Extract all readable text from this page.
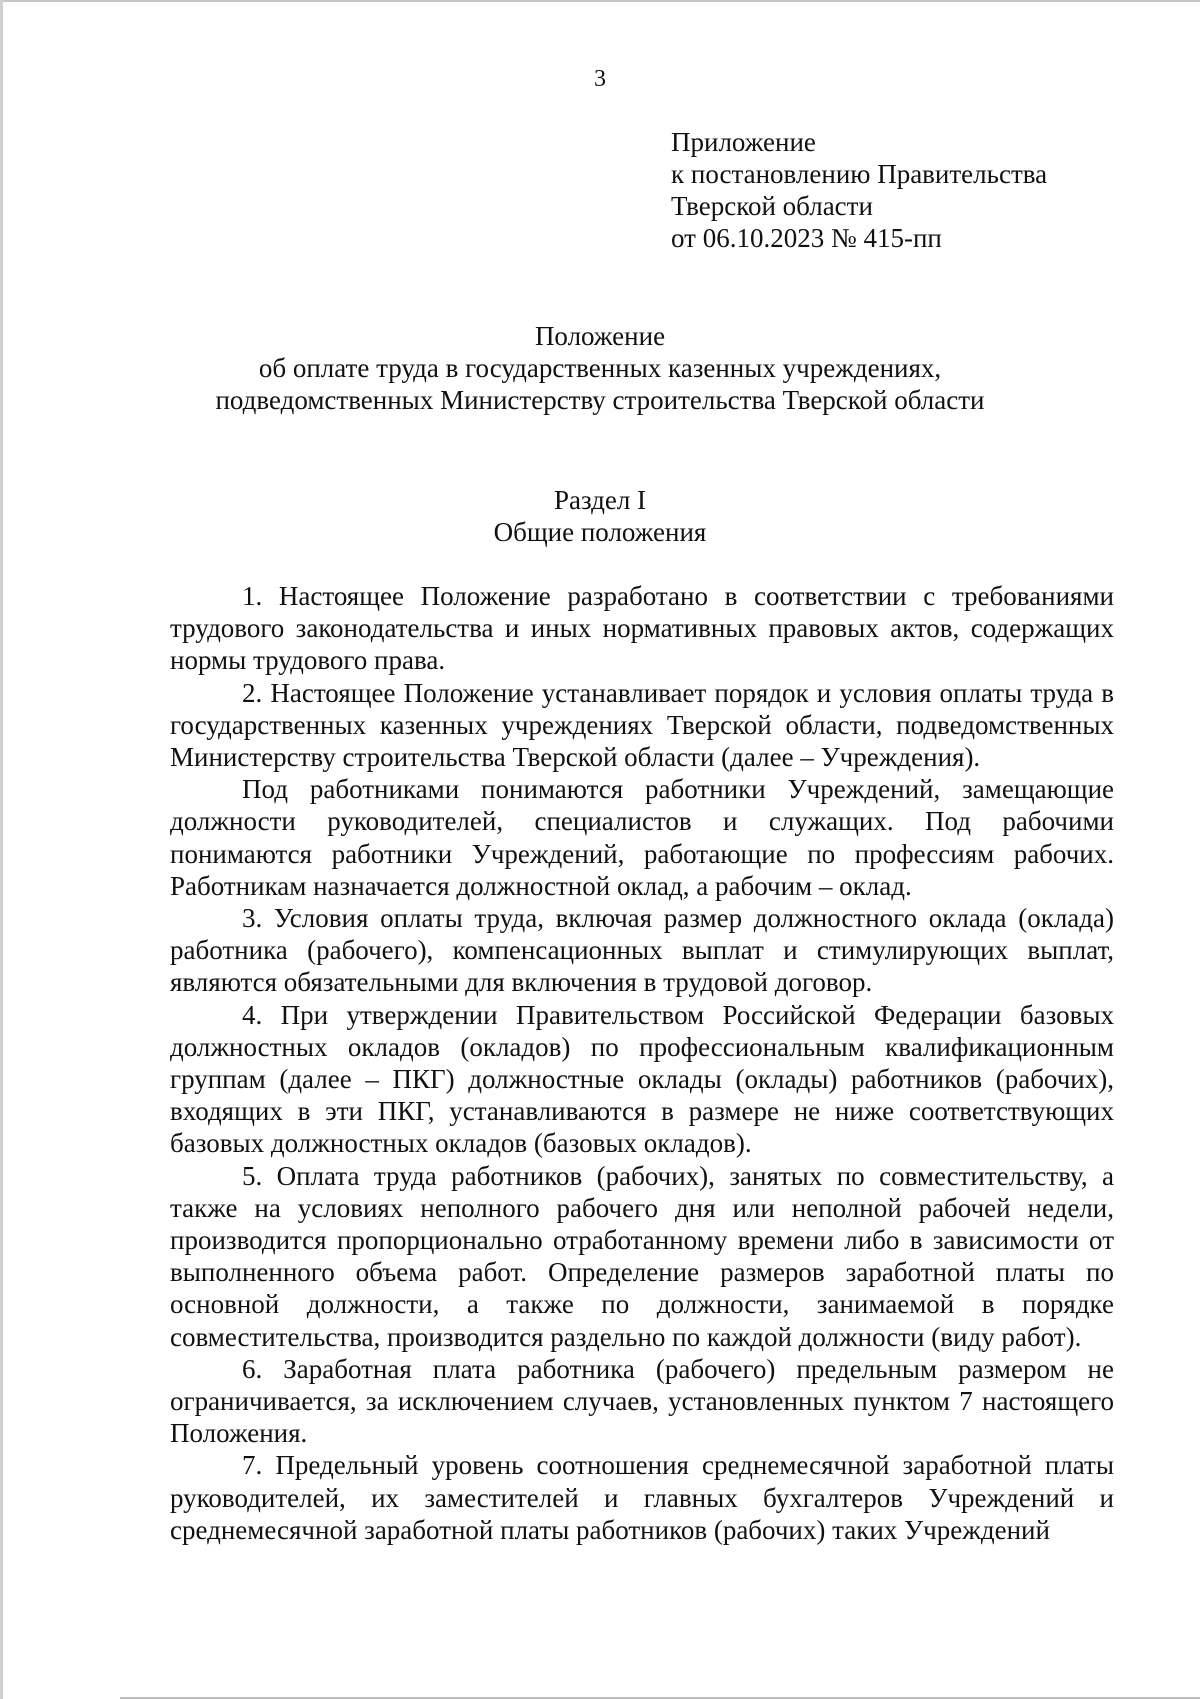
3
Приложение
к постановлению Правительства
Тверской области
от 06.10.2023 № 415-пп
Положение
об оплате труда в государственных казенных учреждениях,
подведомственных Министерству строительства Тверской области
Раздел I
Общие положения

1. Настоящее Положение разработано в соответствии с требованиями трудового законодательства и иных нормативных правовых актов, содержащих нормы трудового права.

2. Настоящее Положение устанавливает порядок и условия оплаты труда в государственных казенных учреждениях Тверской области, подведомственных Министерству строительства Тверской области (далее – Учреждения).

Под работниками понимаются работники Учреждений, замещающие должности руководителей, специалистов и служащих. Под рабочими понимаются работники Учреждений, работающие по профессиям рабочих. Работникам назначается должностной оклад, а рабочим – оклад.

3. Условия оплаты труда, включая размер должностного оклада (оклада) работника (рабочего), компенсационных выплат и стимулирующих выплат, являются обязательными для включения в трудовой договор.

4. При утверждении Правительством Российской Федерации базовых должностных окладов (окладов) по профессиональным квалификационным группам (далее – ПКГ) должностные оклады (оклады) работников (рабочих), входящих в эти ПКГ, устанавливаются в размере не ниже соответствующих базовых должностных окладов (базовых окладов).

5. Оплата труда работников (рабочих), занятых по совместительству, а также на условиях неполного рабочего дня или неполной рабочей недели, производится пропорционально отработанному времени либо в зависимости от выполненного объема работ. Определение размеров заработной платы по основной должности, а также по должности, занимаемой в порядке совместительства, производится раздельно по каждой должности (виду работ).

6. Заработная плата работника (рабочего) предельным размером не ограничивается, за исключением случаев, установленных пунктом 7 настоящего Положения.

7. Предельный уровень соотношения среднемесячной заработной платы руководителей, их заместителей и главных бухгалтеров Учреждений и среднемесячной заработной платы работников (рабочих) таких Учреждений
